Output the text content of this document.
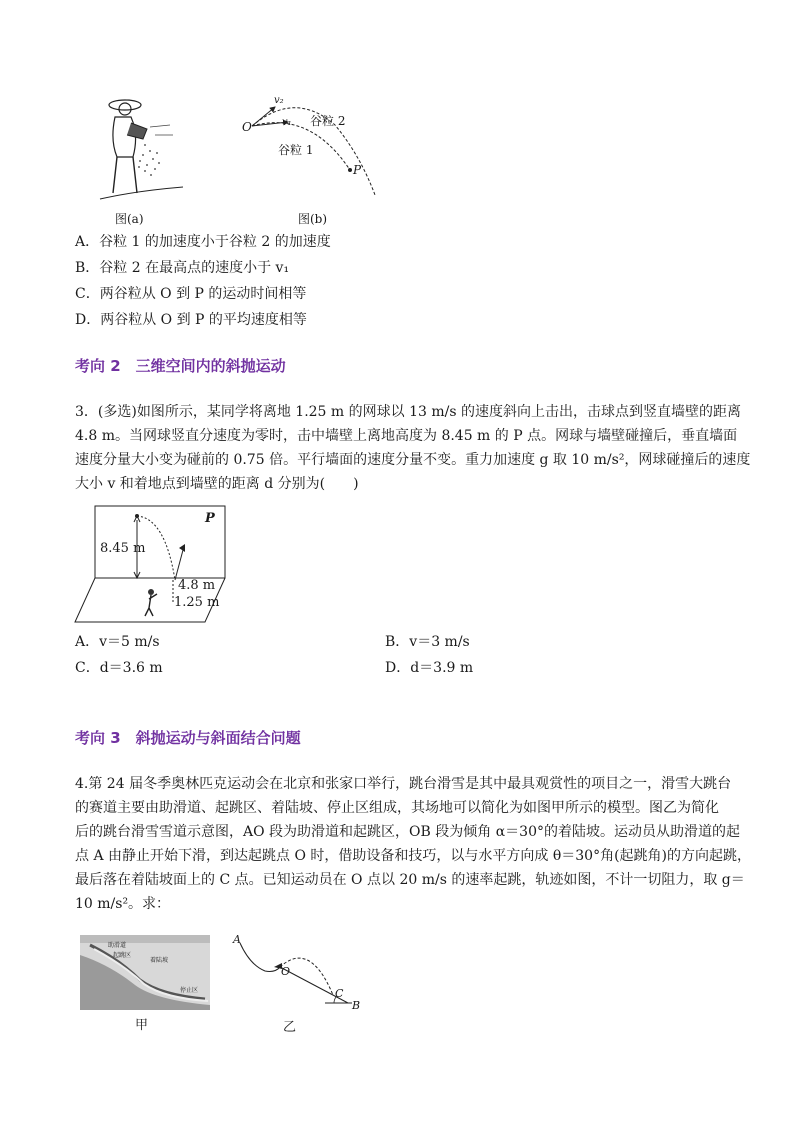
图(a)
v₂
v₁
O
P
谷粒 2
谷粒 1
图(b)
A．谷粒 1 的加速度小于谷粒 2 的加速度
B．谷粒 2 在最高点的速度小于 v₁
C．两谷粒从 O 到 P 的运动时间相等
D．两谷粒从 O 到 P 的平均速度相等
考向 2　三维空间内的斜抛运动
3．(多选)如图所示，某同学将离地 1.25 m 的网球以 13 m/s 的速度斜向上击出，击球点到竖直墙壁的距离
4.8 m。当网球竖直分速度为零时，击中墙壁上离地高度为 8.45 m 的 P 点。网球与墙壁碰撞后，垂直墙面
速度分量大小变为碰前的 0.75 倍。平行墙面的速度分量不变。重力加速度 g 取 10 m/s²，网球碰撞后的速度
大小 v 和着地点到墙壁的距离 d 分别为(　　)
P
8.45 m
4.8 m
1.25 m
A．v＝5 m/s	B．v＝3 m/s
C．d＝3.6 m	D．d＝3.9 m
考向 3　斜抛运动与斜面结合问题
4.第 24 届冬季奥林匹克运动会在北京和张家口举行，跳台滑雪是其中最具观赏性的项目之一，滑雪大跳台
的赛道主要由助滑道、起跳区、着陆坡、停止区组成，其场地可以简化为如图甲所示的模型。图乙为简化
后的跳台滑雪雪道示意图，AO 段为助滑道和起跳区，OB 段为倾角 α＝30°的着陆坡。运动员从助滑道的起
点 A 由静止开始下滑，到达起跳点 O 时，借助设备和技巧，以与水平方向成 θ＝30°角(起跳角)的方向起跳，
最后落在着陆坡面上的 C 点。已知运动员在 O 点以 20 m/s 的速率起跳，轨迹如图，不计一切阻力，取 g＝
10 m/s²。求：
助滑道
起跳区
着陆坡
停止区
甲
A
O
C
B
乙
